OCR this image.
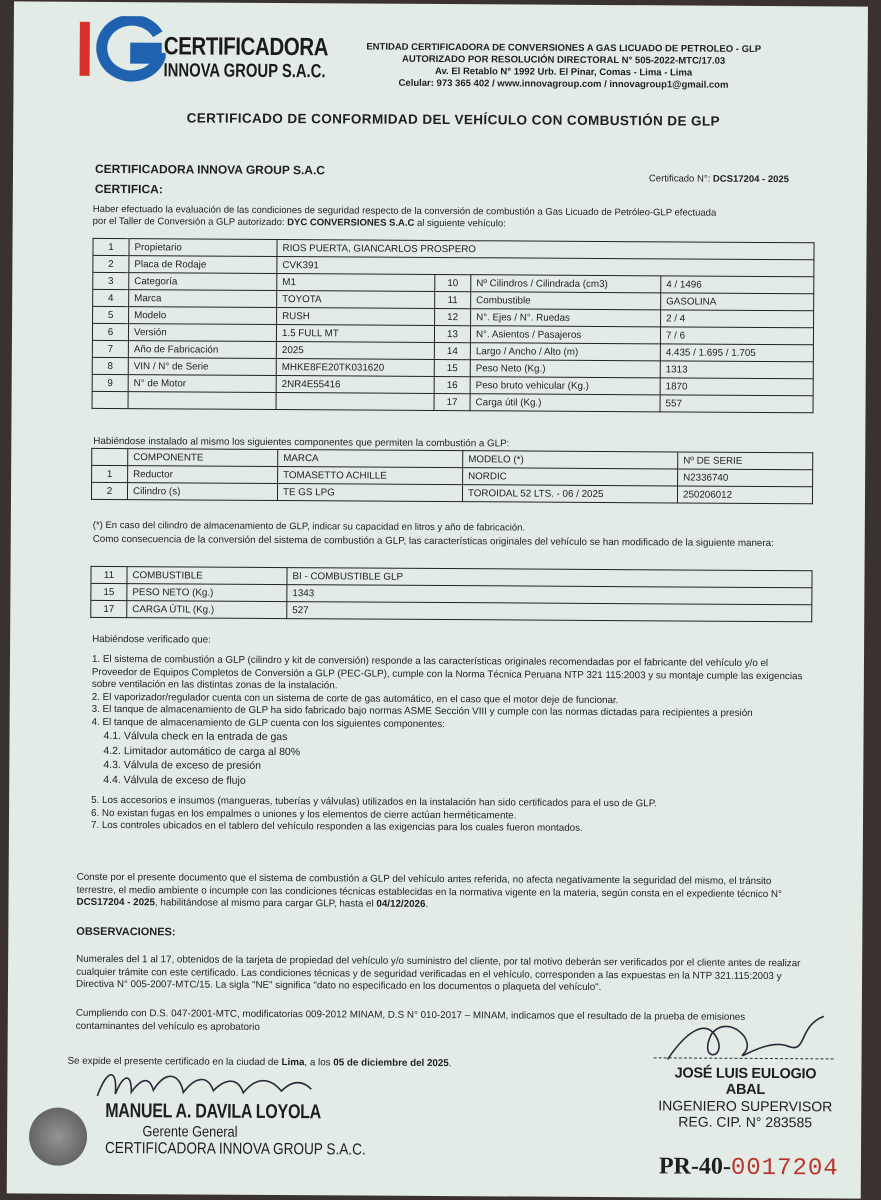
CERTIFICADORA
INNOVA GROUP S.A.C.
ENTIDAD CERTIFICADORA DE CONVERSIONES A GAS LICUADO DE PETROLEO - GLP
AUTORIZADO POR RESOLUCIÓN DIRECTORAL N° 505-2022-MTC/17.03
Av. El Retablo N° 1992 Urb. El Pinar, Comas - Lima - Lima
Celular: 973 365 402 / www.innovagroup.com / innovagroup1@gmail.com
CERTIFICADO DE CONFORMIDAD DEL VEHÍCULO CON COMBUSTIÓN DE GLP
CERTIFICADORA INNOVA GROUP S.A.C
CERTIFICA:
Certificado N°: DCS17204 - 2025
Haber efectuado la evaluación de las condiciones de seguridad respecto de la conversión de combustión a Gas Licuado de Petróleo-GLP efectuada
por el Taller de Conversión a GLP autorizado: DYC CONVERSIONES S.A.C al siguiente vehículo:
1	Propietario	RIOS PUERTA, GIANCARLOS PROSPERO			
2	Placa de Rodaje	CVK391			
3	Categoría	M1	10	Nº Cilindros / Cilindrada (cm3)	4 / 1496
4	Marca	TOYOTA	11	Combustible	GASOLINA
5	Modelo	RUSH	12	N°. Ejes / N°. Ruedas	2 / 4
6	Versión	1.5 FULL MT	13	N°. Asientos / Pasajeros	7 / 6
7	Año de Fabricación	2025	14	Largo / Ancho / Alto (m)	4.435 / 1.695 / 1.705
8	VIN / N° de Serie	MHKE8FE20TK031620	15	Peso Neto (Kg.)	1313
9	N° de Motor	2NR4E55416	16	Peso bruto vehicular (Kg.)	1870
			17	Carga útil (Kg.)	557
Habiéndose instalado al mismo los siguientes componentes que permiten la combustión a GLP:
	COMPONENTE	MARCA	MODELO (*)	Nº DE SERIE
1	Reductor	TOMASETTO ACHILLE	NORDIC	N2336740
2	Cilindro (s)	TE GS LPG	TOROIDAL 52 LTS. - 06 / 2025	250206012
(*) En caso del cilindro de almacenamiento de GLP, indicar su capacidad en litros y año de fabricación.
Como consecuencia de la conversión del sistema de combustión a GLP, las características originales del vehículo se han modificado de la siguiente manera:
11	COMBUSTIBLE	BI - COMBUSTIBLE GLP
15	PESO NETO (Kg.)	1343
17	CARGA ÚTIL (Kg.)	527
Habiéndose verificado que:
1. El sistema de combustión a GLP (cilindro y kit de conversión) responde a las características originales recomendadas por el fabricante del vehículo y/o el Proveedor de Equipos Completos de Conversión a GLP (PEC-GLP), cumple con la Norma Técnica Peruana NTP 321 115:2003 y su montaje cumple las exigencias sobre ventilación en las distintas zonas de la instalación.
2. El vaporizador/regulador cuenta con un sistema de corte de gas automático, en el caso que el motor deje de funcionar.
3. El tanque de almacenamiento de GLP ha sido fabricado bajo normas ASME Sección VIII y cumple con las normas dictadas para recipientes a presión
4. El tanque de almacenamiento de GLP cuenta con los siguientes componentes:
4.1. Válvula check en la entrada de gas
4.2. Limitador automático de carga al 80%
4.3. Válvula de exceso de presión
4.4. Válvula de exceso de flujo
5. Los accesorios e insumos (mangueras, tuberías y válvulas) utilizados en la instalación han sido certificados para el uso de GLP.
6. No existan fugas en los empalmes o uniones y los elementos de cierre actúan herméticamente.
7. Los controles ubicados en el tablero del vehículo responden a las exigencias para los cuales fueron montados.
Conste por el presente documento que el sistema de combustión a GLP del vehículo antes referida, no afecta negativamente la seguridad del mismo, el tránsito terrestre, el medio ambiente o incumple con las condiciones técnicas establecidas en la normativa vigente en la materia, según consta en el expediente técnico N° DCS17204 - 2025, habilitándose al mismo para cargar GLP, hasta el 04/12/2026.
OBSERVACIONES:
Numerales del 1 al 17, obtenidos de la tarjeta de propiedad del vehículo y/o suministro del cliente, por tal motivo deberán ser verificados por el cliente antes de realizar cualquier trámite con este certificado. Las condiciones técnicas y de seguridad verificadas en el vehículo, corresponden a las expuestas en la NTP 321.115:2003 y Directiva N° 005-2007-MTC/15. La sigla "NE" significa "dato no especificado en los documentos o plaqueta del vehículo".
Cumpliendo con D.S. 047-2001-MTC, modificatorias 009-2012 MINAM, D.S N° 010-2017 – MINAM, indicamos que el resultado de la prueba de emisiones contaminantes del vehículo es aprobatorio
Se expide el presente certificado en la ciudad de Lima, a los 05 de diciembre del 2025.
MANUEL A. DAVILA LOYOLA
Gerente General
CERTIFICADORA INNOVA GROUP S.A.C.
JOSÉ LUIS EULOGIO ABAL
INGENIERO SUPERVISOR
REG. CIP. N° 283585
PR-40-0017204
